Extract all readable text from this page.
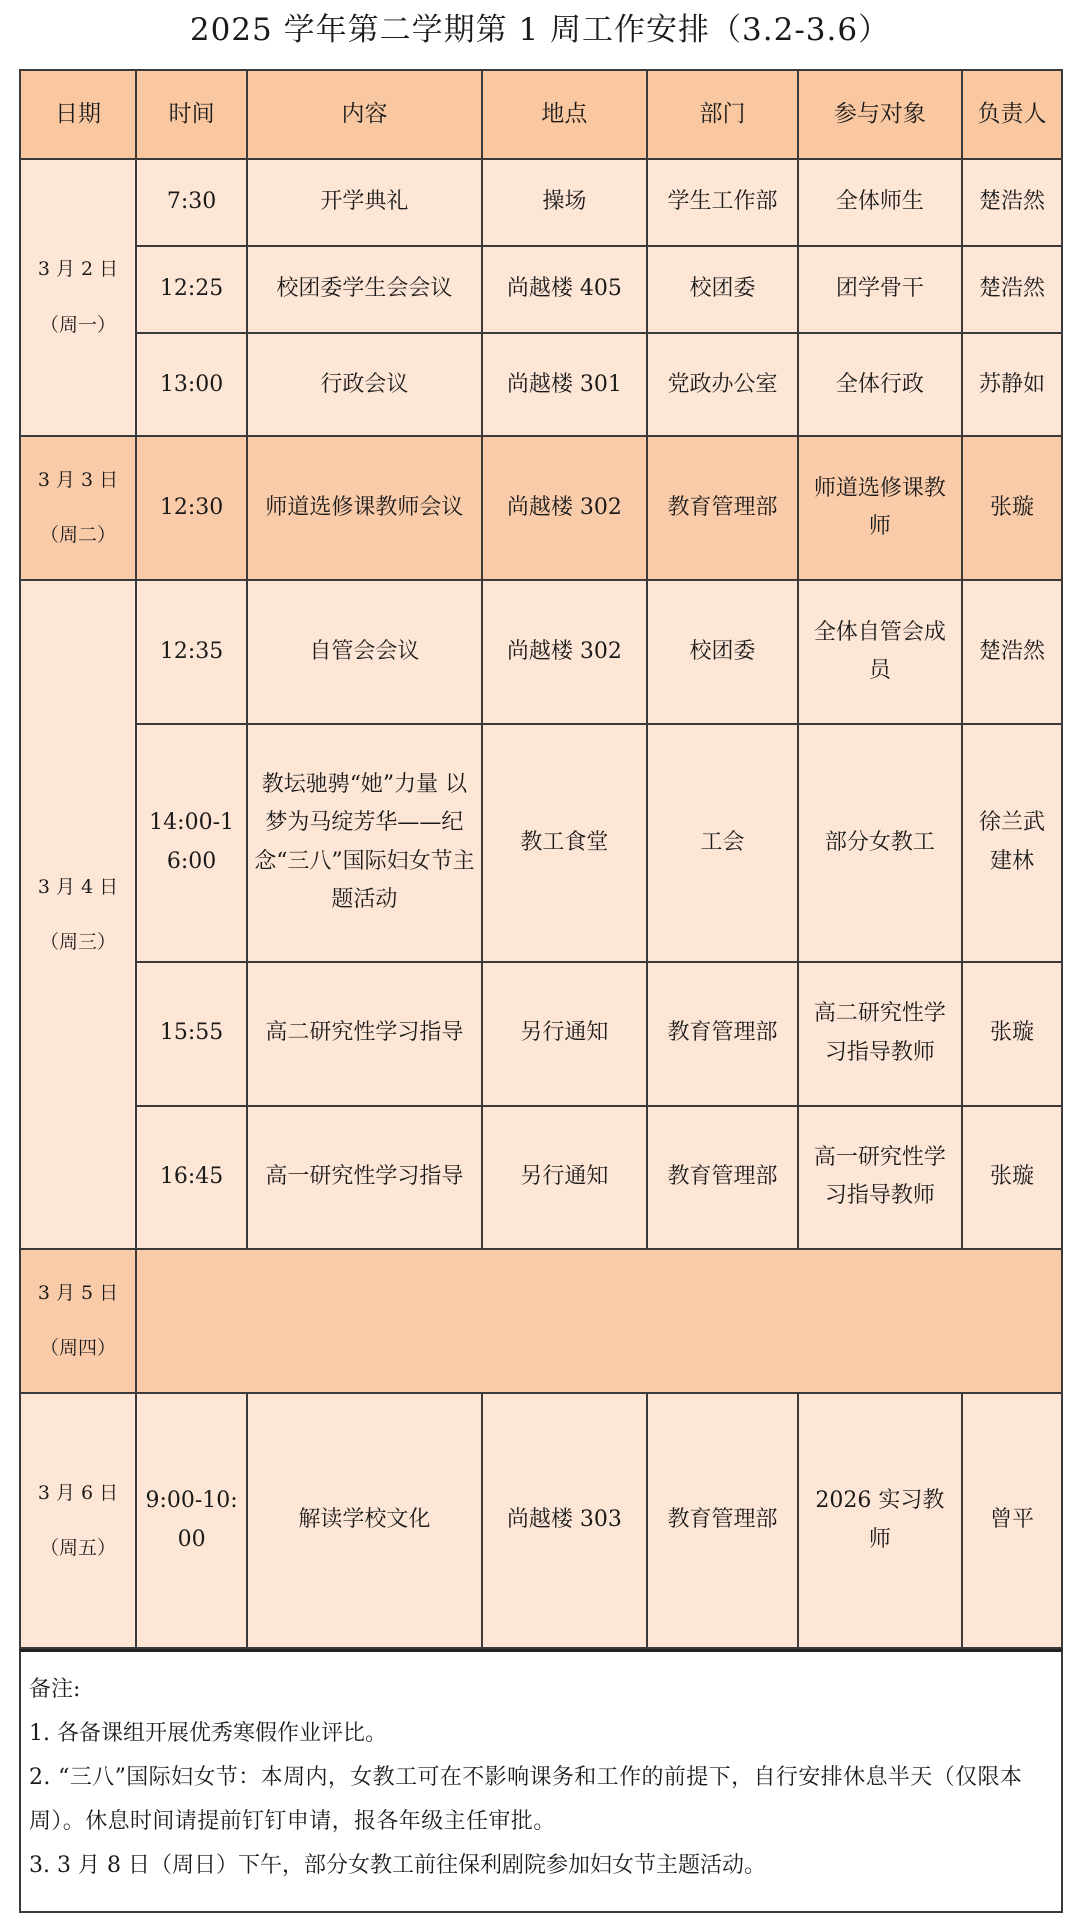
2025 学年第二学期第 1 周工作安排（3.2-3.6）
日期	时间	内容	地点	部门	参与对象	负责人

3 月 2 日
（周一）	7:30	开学典礼	操场	学生工作部	全体师生	楚浩然
	12:25	校团委学生会会议	尚越楼 405	校团委	团学骨干	楚浩然
	13:00	行政会议	尚越楼 301	党政办公室	全体行政	苏静如

3 月 3 日
（周二）	12:30	师道选修课教师会议	尚越楼 302	教育管理部	师道选修课教师	张璇

3 月 4 日
（周三）	12:35	自管会会议	尚越楼 302	校团委	全体自管会成员	楚浩然
	14:00-16:00	教坛驰骋“她”力量 以梦为马绽芳华——纪念“三八”国际妇女节主题活动	教工食堂	工会	部分女教工	徐兰武建林
	15:55	高二研究性学习指导	另行通知	教育管理部	高二研究性学习指导教师	张璇
	16:45	高一研究性学习指导	另行通知	教育管理部	高一研究性学习指导教师	张璇

3 月 5 日
（周四）						

3 月 6 日
（周五）	9:00-10:00	解读学校文化	尚越楼 303	教育管理部	2026 实习教师	曾平

备注:

1. 各备课组开展优秀寒假作业评比。

2. “三八”国际妇女节：本周内，女教工可在不影响课务和工作的前提下，自行安排休息半天（仅限本周）。休息时间请提前钉钉申请，报各年级主任审批。

3. 3 月 8 日（周日）下午，部分女教工前往保利剧院参加妇女节主题活动。
